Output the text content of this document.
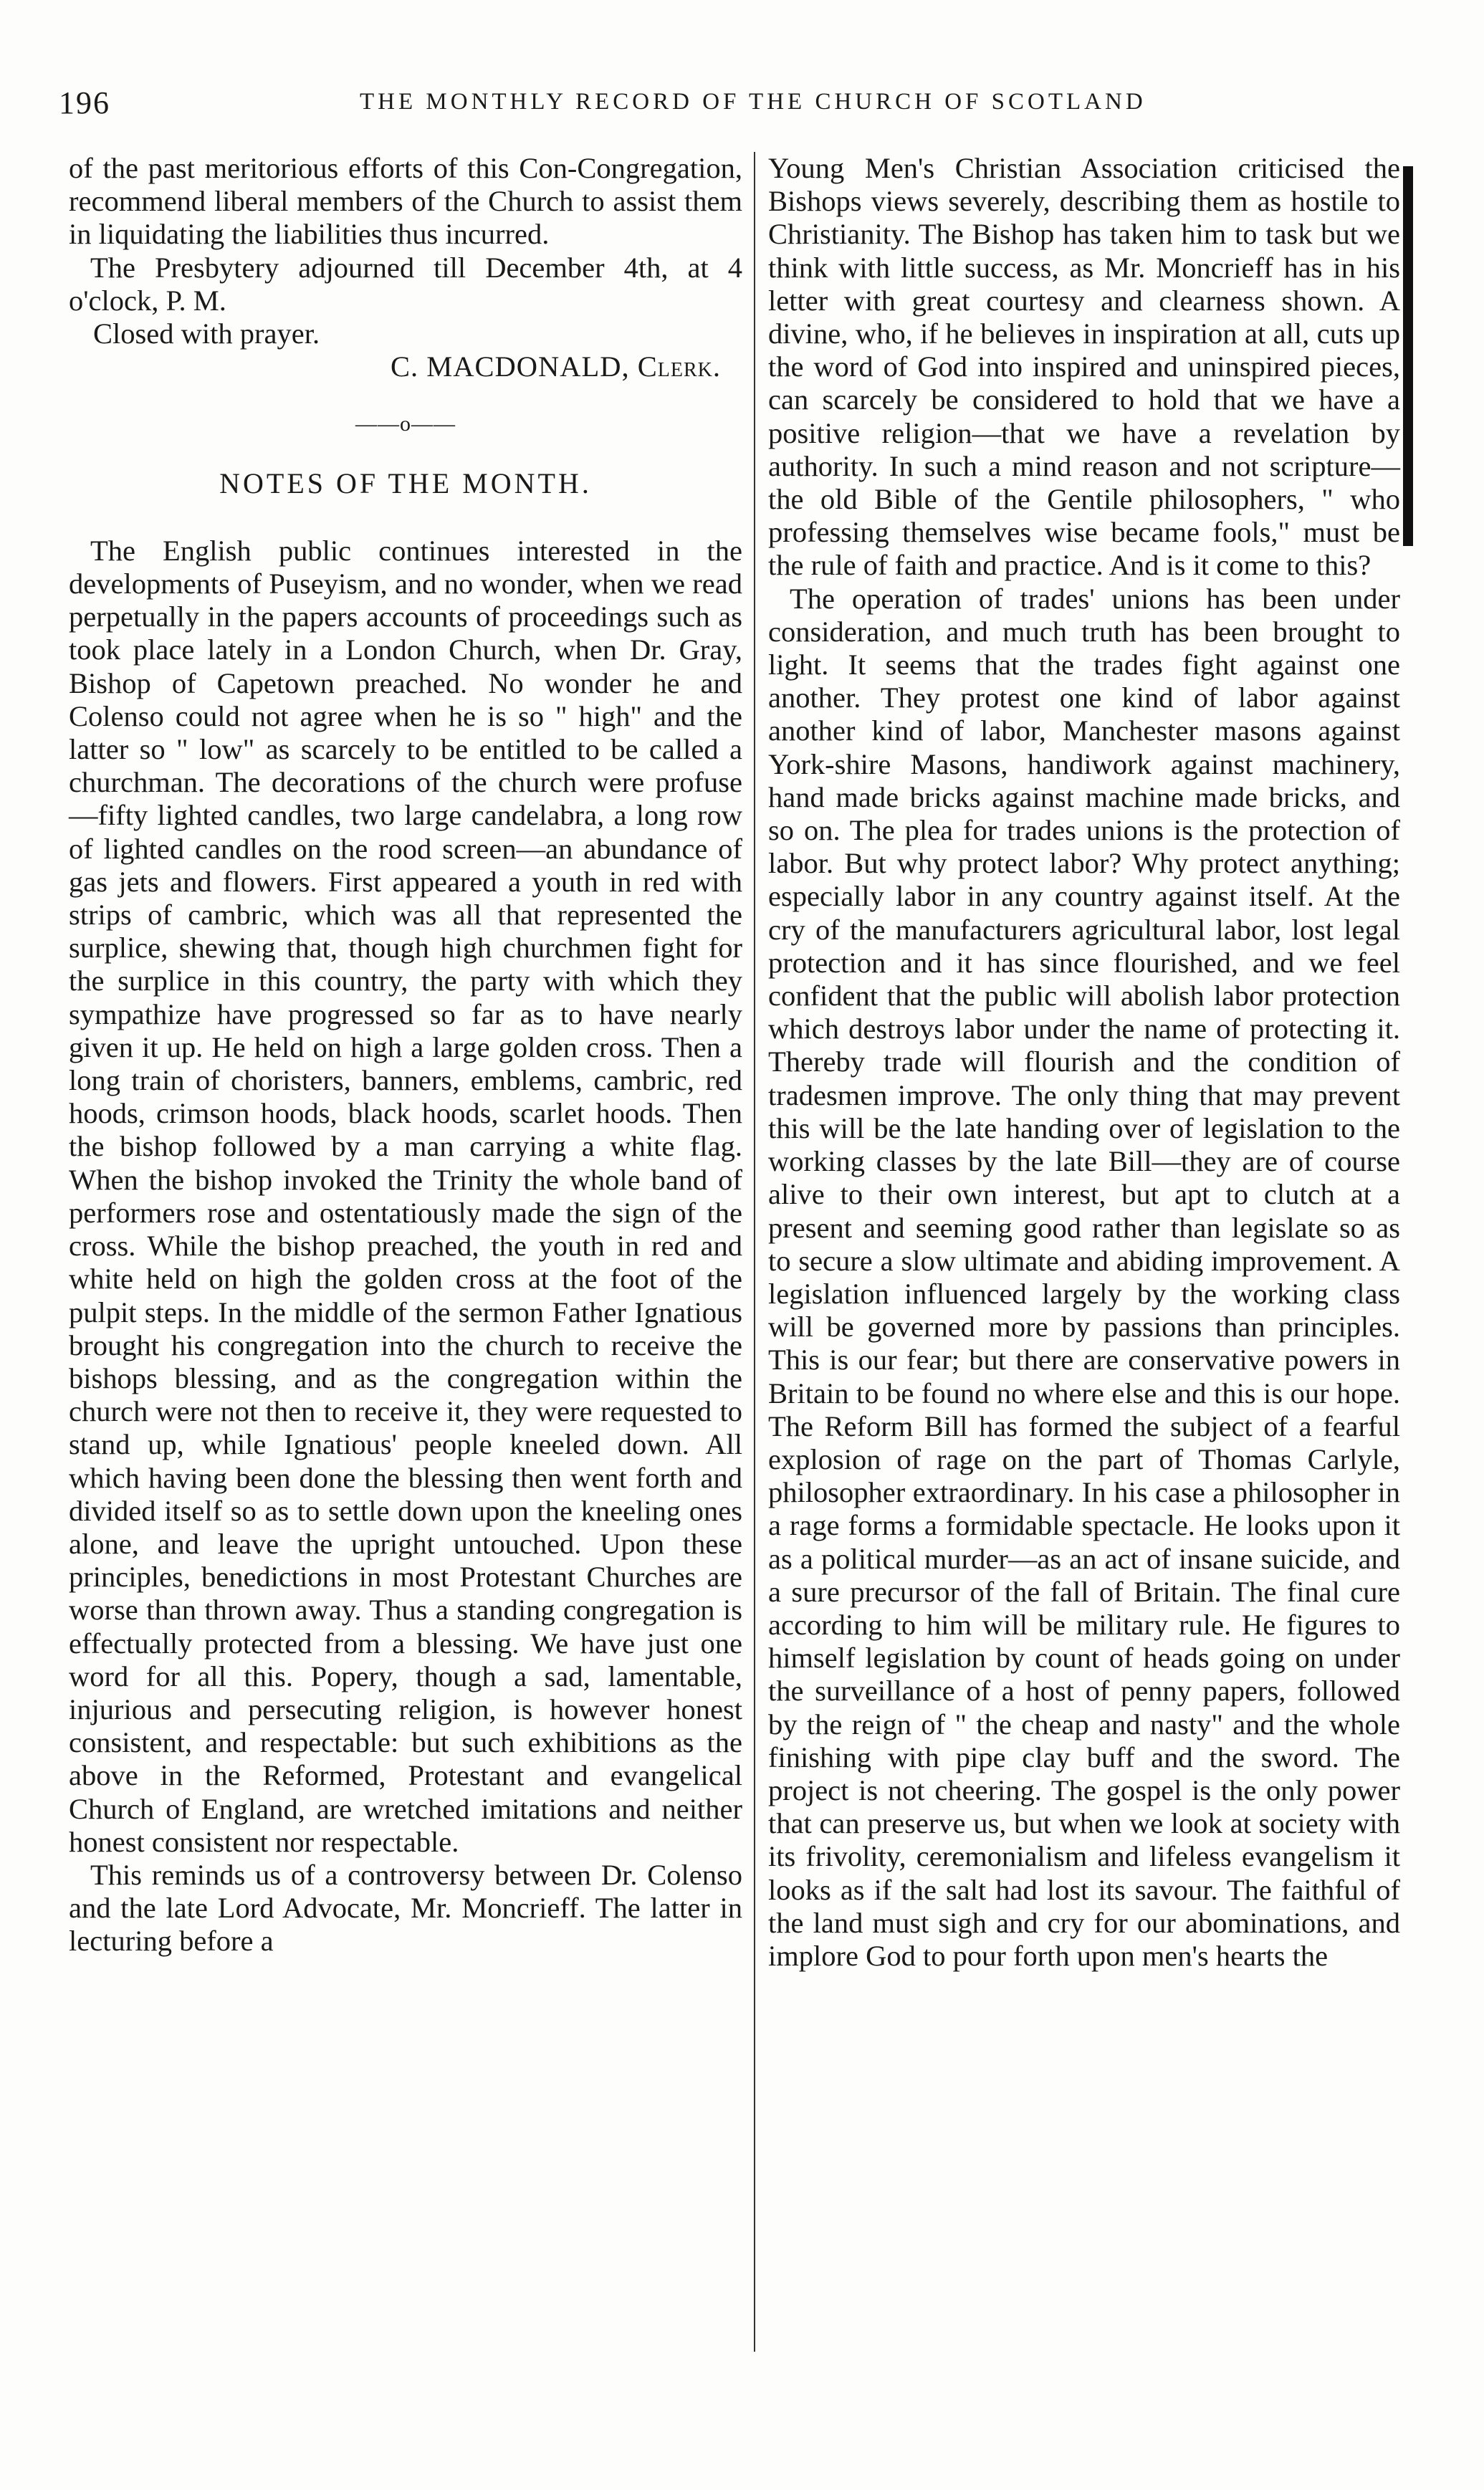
196	THE MONTHLY RECORD OF THE CHURCH OF SCOTLAND

of the past meritorious efforts of this Con-Congregation, recommend liberal members of the Church to assist them in liquidating the liabilities thus incurred.

The Presbytery adjourned till December 4th, at 4 o'clock, P. M.

Closed with prayer.

C. MACDONALD, Clerk.

——o——
NOTES OF THE MONTH.

The English public continues interested in the developments of Puseyism, and no wonder, when we read perpetually in the papers accounts of proceedings such as took place lately in a London Church, when Dr. Gray, Bishop of Capetown preached. No wonder he and Colenso could not agree when he is so " high" and the latter so " low" as scarcely to be entitled to be called a churchman. The decorations of the church were profuse—fifty lighted candles, two large candelabra, a long row of lighted candles on the rood screen—an abundance of gas jets and flowers. First appeared a youth in red with strips of cambric, which was all that represented the surplice, shewing that, though high churchmen fight for the surplice in this country, the party with which they sympathize have progressed so far as to have nearly given it up. He held on high a large golden cross. Then a long train of choristers, banners, emblems, cambric, red hoods, crimson hoods, black hoods, scarlet hoods. Then the bishop followed by a man carrying a white flag. When the bishop invoked the Trinity the whole band of performers rose and ostentatiously made the sign of the cross. While the bishop preached, the youth in red and white held on high the golden cross at the foot of the pulpit steps. In the middle of the sermon Father Ignatious brought his congregation into the church to receive the bishops blessing, and as the congregation within the church were not then to receive it, they were requested to stand up, while Ignatious' people kneeled down. All which having been done the blessing then went forth and divided itself so as to settle down upon the kneeling ones alone, and leave the upright untouched. Upon these principles, benedictions in most Protestant Churches are worse than thrown away. Thus a standing congregation is effectually protected from a blessing. We have just one word for all this. Popery, though a sad, lamentable, injurious and persecuting religion, is however honest consistent, and respectable: but such exhibitions as the above in the Reformed, Protestant and evangelical Church of England, are wretched imitations and neither honest consistent nor respectable.

This reminds us of a controversy between Dr. Colenso and the late Lord Advocate, Mr. Moncrieff. The latter in lecturing before a

Young Men's Christian Association criticised the Bishops views severely, describing them as hostile to Christianity. The Bishop has taken him to task but we think with little success, as Mr. Moncrieff has in his letter with great courtesy and clearness shown. A divine, who, if he believes in inspiration at all, cuts up the word of God into inspired and uninspired pieces, can scarcely be considered to hold that we have a positive religion—that we have a revelation by authority. In such a mind reason and not scripture—the old Bible of the Gentile philosophers, " who professing themselves wise became fools," must be the rule of faith and practice. And is it come to this?

The operation of trades' unions has been under consideration, and much truth has been brought to light. It seems that the trades fight against one another. They protest one kind of labor against another kind of labor, Manchester masons against York-shire Masons, handiwork against machinery, hand made bricks against machine made bricks, and so on. The plea for trades unions is the protection of labor. But why protect labor? Why protect anything; especially labor in any country against itself. At the cry of the manufacturers agricultural labor, lost legal protection and it has since flourished, and we feel confident that the public will abolish labor protection which destroys labor under the name of protecting it. Thereby trade will flourish and the condition of tradesmen improve. The only thing that may prevent this will be the late handing over of legislation to the working classes by the late Bill—they are of course alive to their own interest, but apt to clutch at a present and seeming good rather than legislate so as to secure a slow ultimate and abiding improvement. A legislation influenced largely by the working class will be governed more by passions than principles. This is our fear; but there are conservative powers in Britain to be found no where else and this is our hope. The Reform Bill has formed the subject of a fearful explosion of rage on the part of Thomas Carlyle, philosopher extraordinary. In his case a philosopher in a rage forms a formidable spectacle. He looks upon it as a political murder—as an act of insane suicide, and a sure precursor of the fall of Britain. The final cure according to him will be military rule. He figures to himself legislation by count of heads going on under the surveillance of a host of penny papers, followed by the reign of " the cheap and nasty" and the whole finishing with pipe clay buff and the sword. The project is not cheering. The gospel is the only power that can preserve us, but when we look at society with its frivolity, ceremonialism and lifeless evangelism it looks as if the salt had lost its savour. The faithful of the land must sigh and cry for our abominations, and implore God to pour forth upon men's hearts the
